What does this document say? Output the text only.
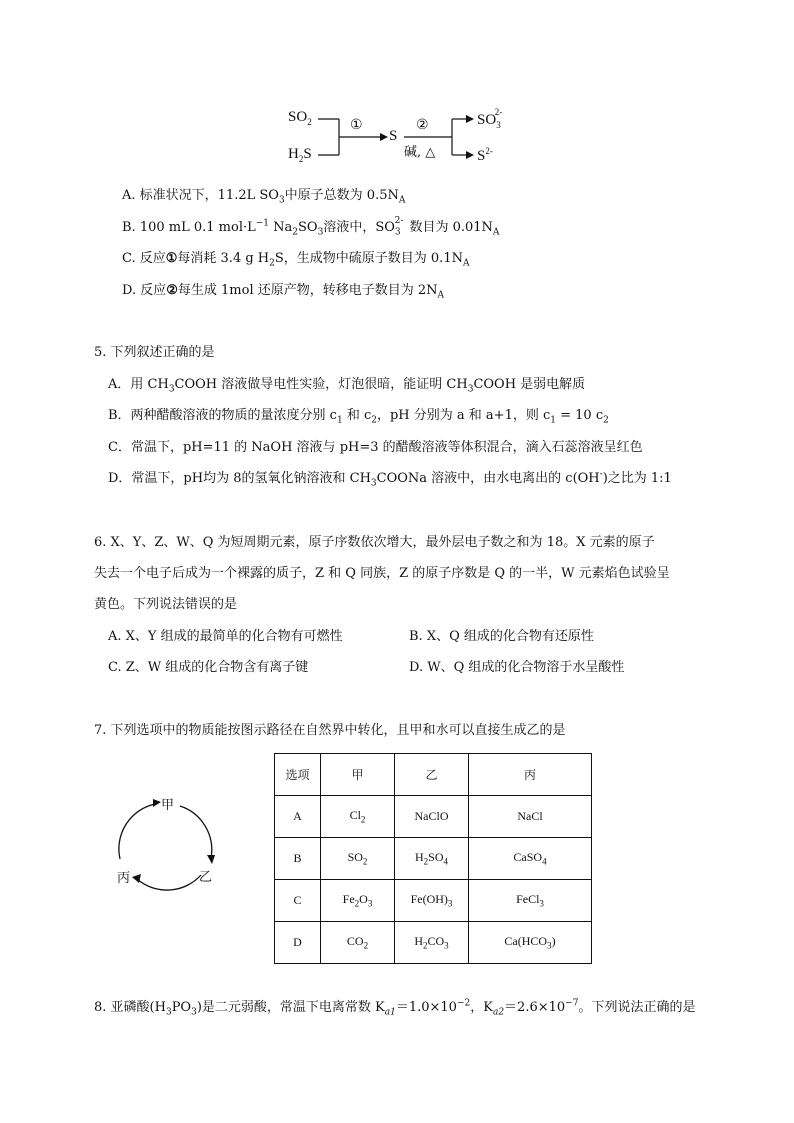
$SO_2$
$H_2S$
①
S
②
碱, △
$SO_3^{2-}$
$S^{2-}$
A. 标准状况下，11.2L $SO_3$中原子总数为 $0.5N_A$
B. 100 mL 0.1 $mol\cdot L^{-1}$ $Na_2SO_3$溶液中，$SO_3^{2-}$ 数目为 $0.01N_A$
C. 反应①每消耗 3.4 g $H_2S$，生成物中硫原子数目为 $0.1N_A$
D. 反应②每生成 1mol 还原产物，转移电子数目为 $2N_A$
5. 下列叙述正确的是
A．用 $CH_3COOH$ 溶液做导电性实验，灯泡很暗，能证明 $CH_3COOH$ 是弱电解质
B．两种醋酸溶液的物质的量浓度分别 $c_1$ 和 $c_2$，pH 分别为 a 和 a+1，则 $c_1 = 10$ $c_2$
C．常温下，pH=11 的 NaOH 溶液与 pH=3 的醋酸溶液等体积混合，滴入石蕊溶液呈红色
D．常温下，pH均为 8的氢氧化钠溶液和 $CH_3COONa$ 溶液中，由水电离出的 c(OH-)之比为 1:1
6. X、Y、Z、W、Q 为短周期元素，原子序数依次增大，最外层电子数之和为 18。X 元素的原子
失去一个电子后成为一个裸露的质子，Z 和 Q 同族，Z 的原子序数是 Q 的一半，W 元素焰色试验呈
黄色。下列说法错误的是
A. X、Y 组成的最简单的化合物有可燃性	B. X、Q 组成的化合物有还原性
C. Z、W 组成的化合物含有离子键	D. W、Q 组成的化合物溶于水呈酸性
7. 下列选项中的物质能按图示路径在自然界中转化，且甲和水可以直接生成乙的是
甲
乙
丙
选项	甲	乙	丙
A	$Cl_2$	NaClO	NaCl
B	$SO_2$	$H_2SO_4$	CaSO$_4$
C	$Fe_2O_3$	$Fe(OH)_3$	FeCl$_3$
D	$CO_2$	$H_2CO_3$	$Ca(HCO_3)$
8. 亚磷酸$(H_3PO_3)$是二元弱酸，常温下电离常数 $K_{a1}=1.0\times 10^{-2}$，$K_{a2}=2.6\times 10^{-7}$。下列说法正确的是
